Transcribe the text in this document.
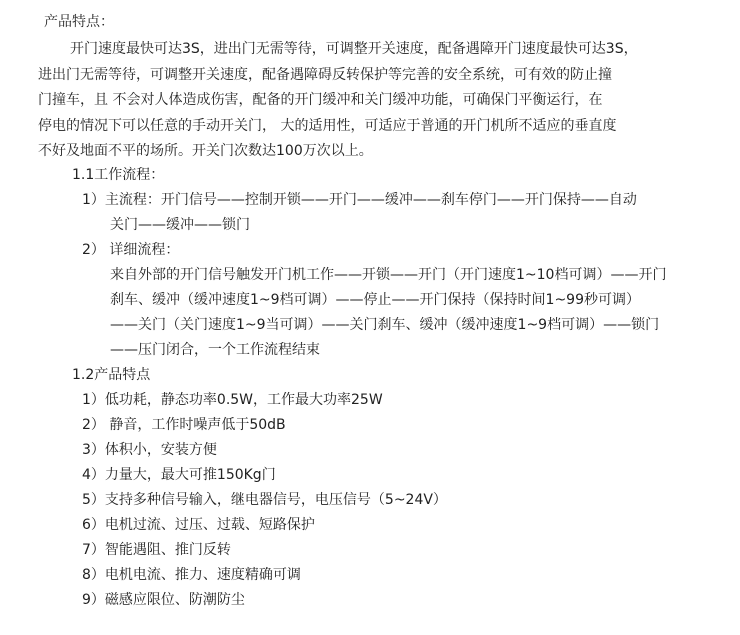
产品特点：
开门速度最快可达3S，进出门无需等待，可调整开关速度，配备遇障开门速度最快可达3S，
进出门无需等待，可调整开关速度，配备遇障碍反转保护等完善的安全系统，可有效的防止撞
门撞车，且 不会对人体造成伤害，配备的开门缓冲和关门缓冲功能，可确保门平衡运行，在
停电的情况下可以任意的手动开关门， 大的适用性，可适应于普通的开门机所不适应的垂直度
不好及地面不平的场所。开关门次数达100万次以上。
1.1工作流程：
1）主流程：开门信号——控制开锁——开门——缓冲——刹车停门——开门保持——自动
关门——缓冲——锁门
2） 详细流程：
来自外部的开门信号触发开门机工作——开锁——开门（开门速度1~10档可调）——开门
刹车、缓冲（缓冲速度1~9档可调）——停止——开门保持（保持时间1~99秒可调）
——关门（关门速度1~9当可调）——关门刹车、缓冲（缓冲速度1~9档可调）——锁门
——压门闭合，一个工作流程结束
1.2产品特点
1）低功耗，静态功率0.5W，工作最大功率25W
2） 静音，工作时噪声低于50dB
3）体积小，安装方便
4）力量大，最大可推150Kg门
5）支持多种信号输入，继电器信号，电压信号（5~24V）
6）电机过流、过压、过载、短路保护
7）智能遇阻、推门反转
8）电机电流、推力、速度精确可调
9）磁感应限位、防潮防尘
